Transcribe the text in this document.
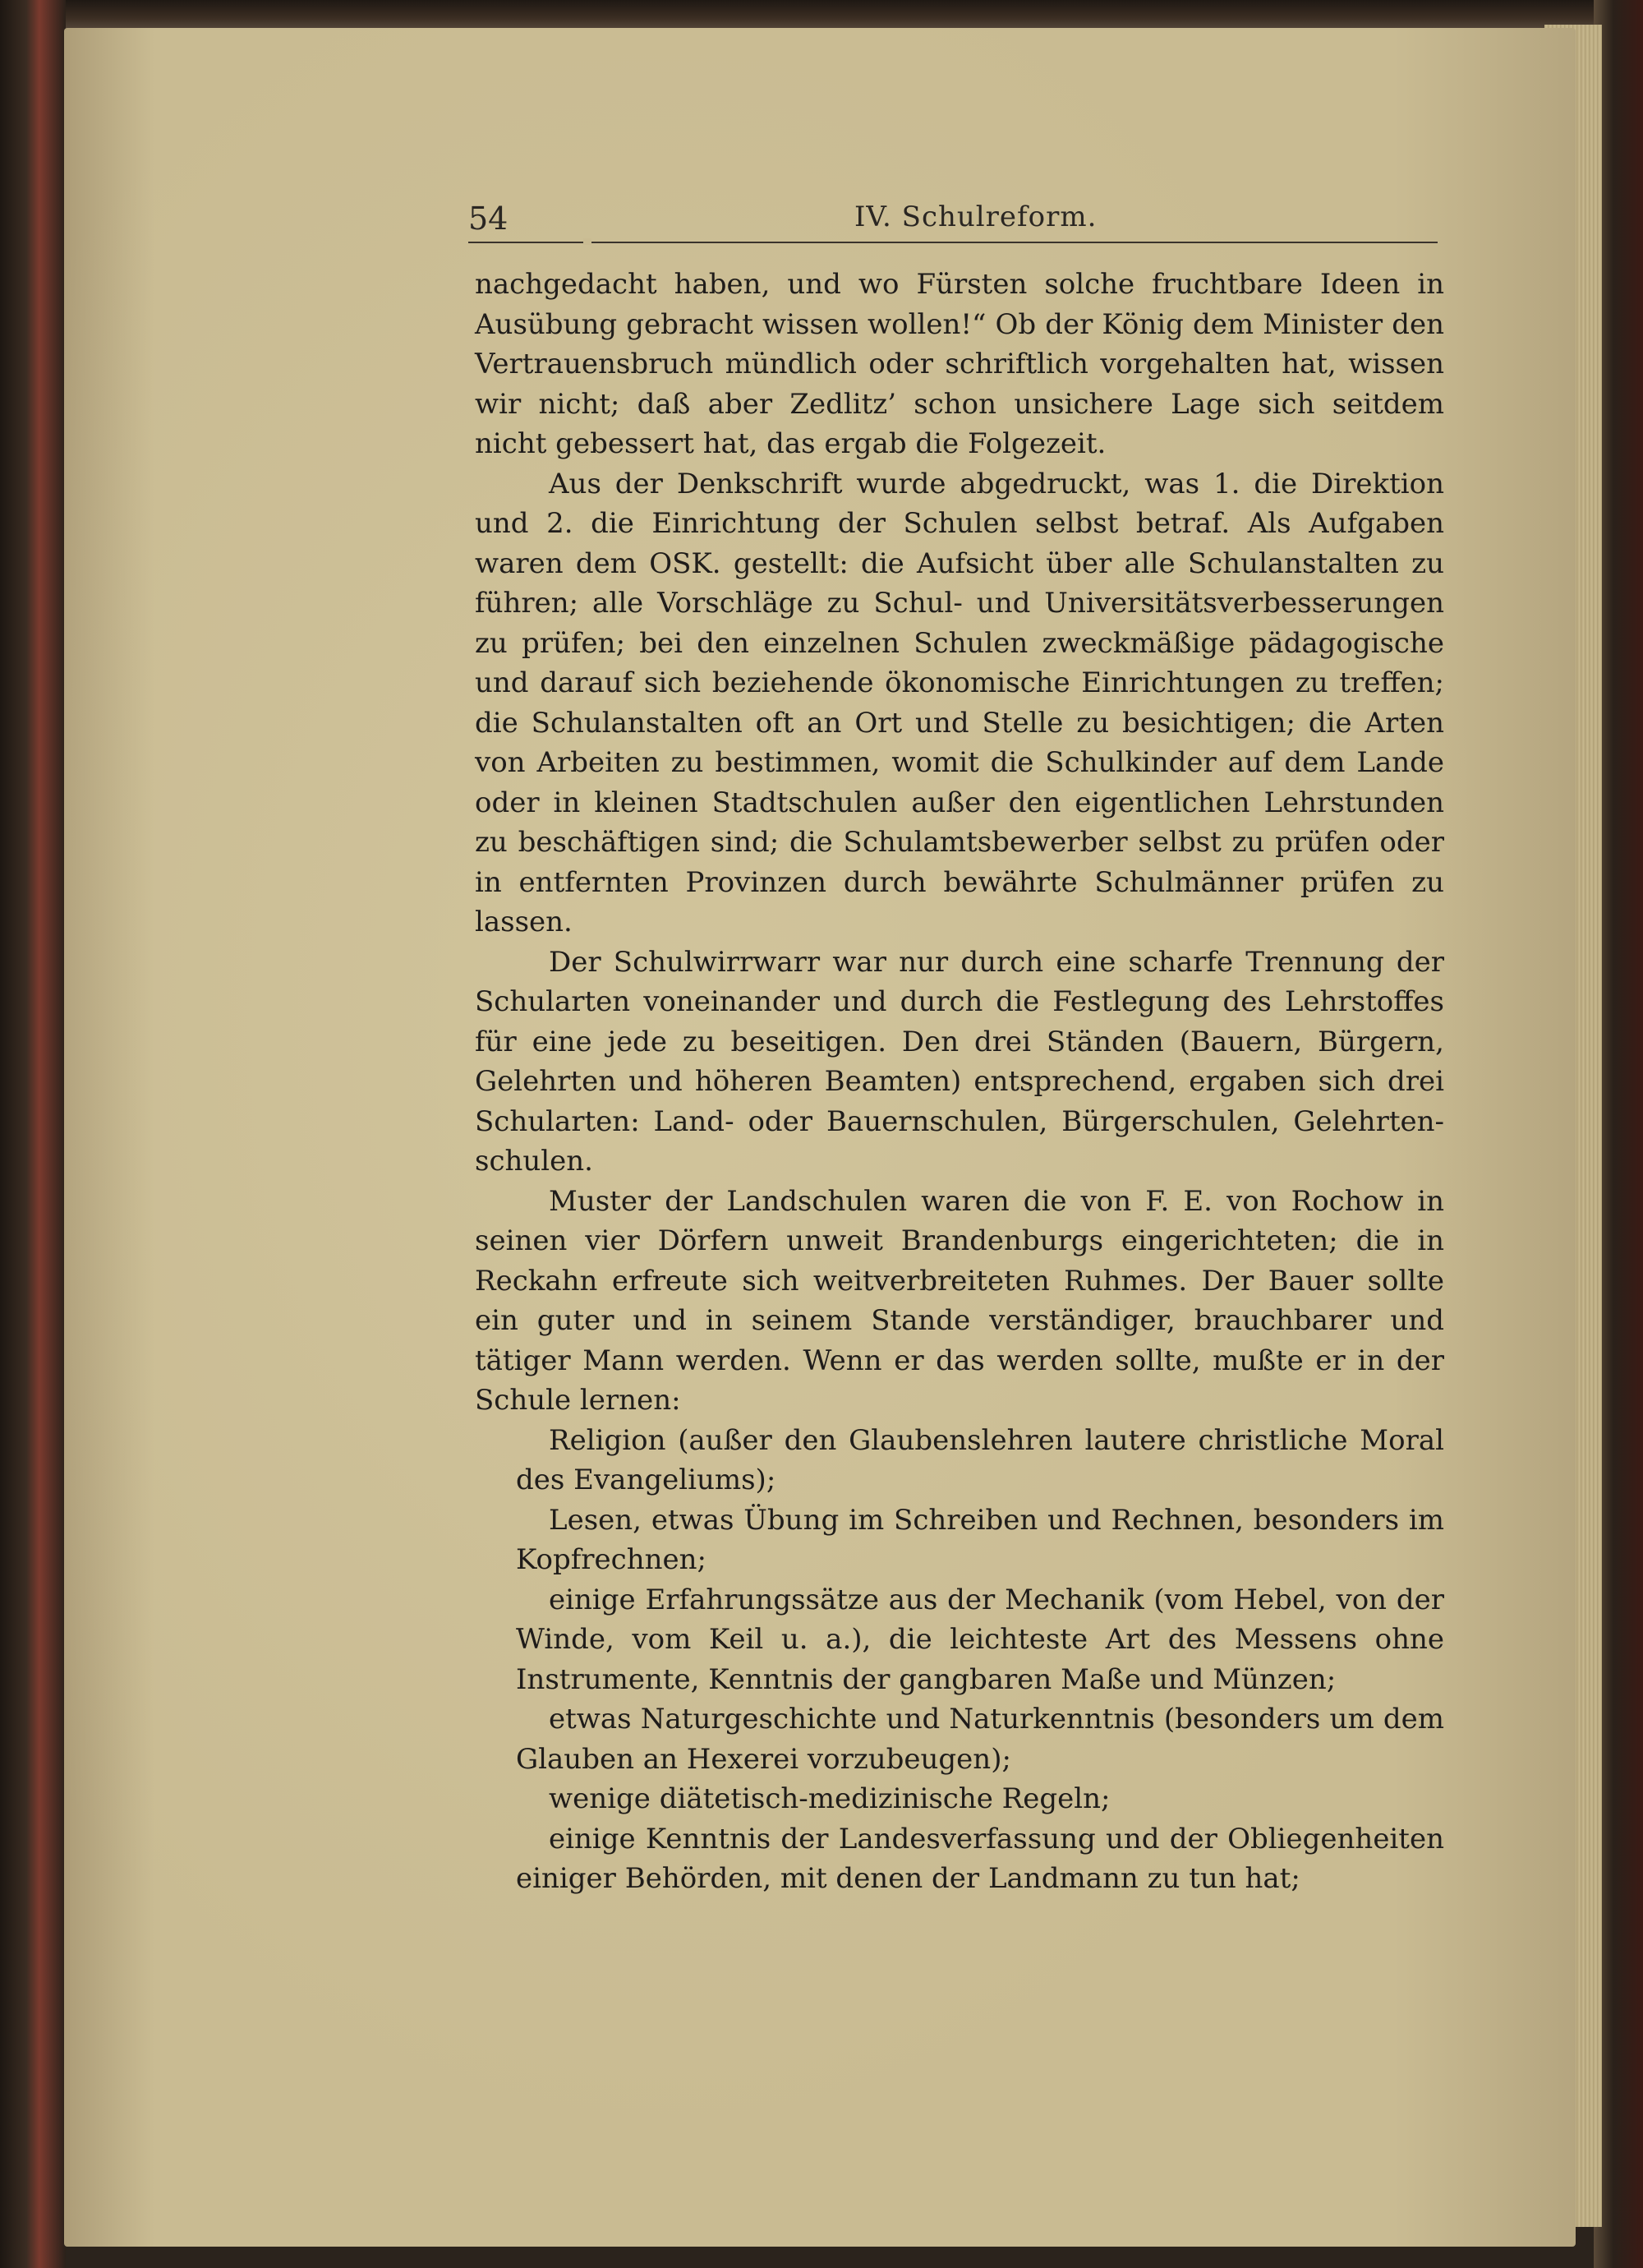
54	IV. Schulreform.

nachgedacht haben, und wo Fürsten solche fruchtbare Ideen in Ausübung gebracht wissen wollen!“ Ob der König dem Minister den Vertrauensbruch mündlich oder schriftlich vorgehalten hat, wissen wir nicht; daß aber Zedlitz’ schon unsichere Lage sich seitdem nicht gebessert hat, das ergab die Folgezeit.

Aus der Denkschrift wurde abgedruckt, was 1. die Direktion und 2. die Einrichtung der Schulen selbst betraf. Als Aufgaben waren dem OSK. gestellt: die Aufsicht über alle Schulanstalten zu führen; alle Vorschläge zu Schul- und Universitätsverbesserungen zu prüfen; bei den einzelnen Schulen zweckmäßige pädagogische und darauf sich beziehende ökonomische Einrichtungen zu treffen; die Schulanstalten oft an Ort und Stelle zu besichtigen; die Arten von Arbeiten zu bestimmen, womit die Schulkinder auf dem Lande oder in kleinen Stadtschulen außer den eigentlichen Lehrstunden zu beschäftigen sind; die Schulamtsbewerber selbst zu prüfen oder in entfernten Provinzen durch bewährte Schulmänner prüfen zu lassen.

Der Schulwirrwarr war nur durch eine scharfe Trennung der Schularten voneinander und durch die Festlegung des Lehrstoffes für eine jede zu beseitigen. Den drei Ständen (Bauern, Bürgern, Gelehrten und höheren Beamten) entsprechend, ergaben sich drei Schularten: Land- oder Bauernschulen, Bürgerschulen, Gelehrten-schulen.

Muster der Landschulen waren die von F. E. von Rochow in seinen vier Dörfern unweit Brandenburgs eingerichteten; die in Reckahn erfreute sich weitverbreiteten Ruhmes. Der Bauer sollte ein guter und in seinem Stande verständiger, brauchbarer und tätiger Mann werden. Wenn er das werden sollte, mußte er in der Schule lernen:

Religion (außer den Glaubenslehren lautere christliche Moral des Evangeliums);

Lesen, etwas Übung im Schreiben und Rechnen, besonders im Kopfrechnen;

einige Erfahrungssätze aus der Mechanik (vom Hebel, von der Winde, vom Keil u. a.), die leichteste Art des Messens ohne Instrumente, Kenntnis der gangbaren Maße und Münzen;

etwas Naturgeschichte und Naturkenntnis (besonders um dem Glauben an Hexerei vorzubeugen);

wenige diätetisch-medizinische Regeln;

einige Kenntnis der Landesverfassung und der Obliegenheiten einiger Behörden, mit denen der Landmann zu tun hat;
